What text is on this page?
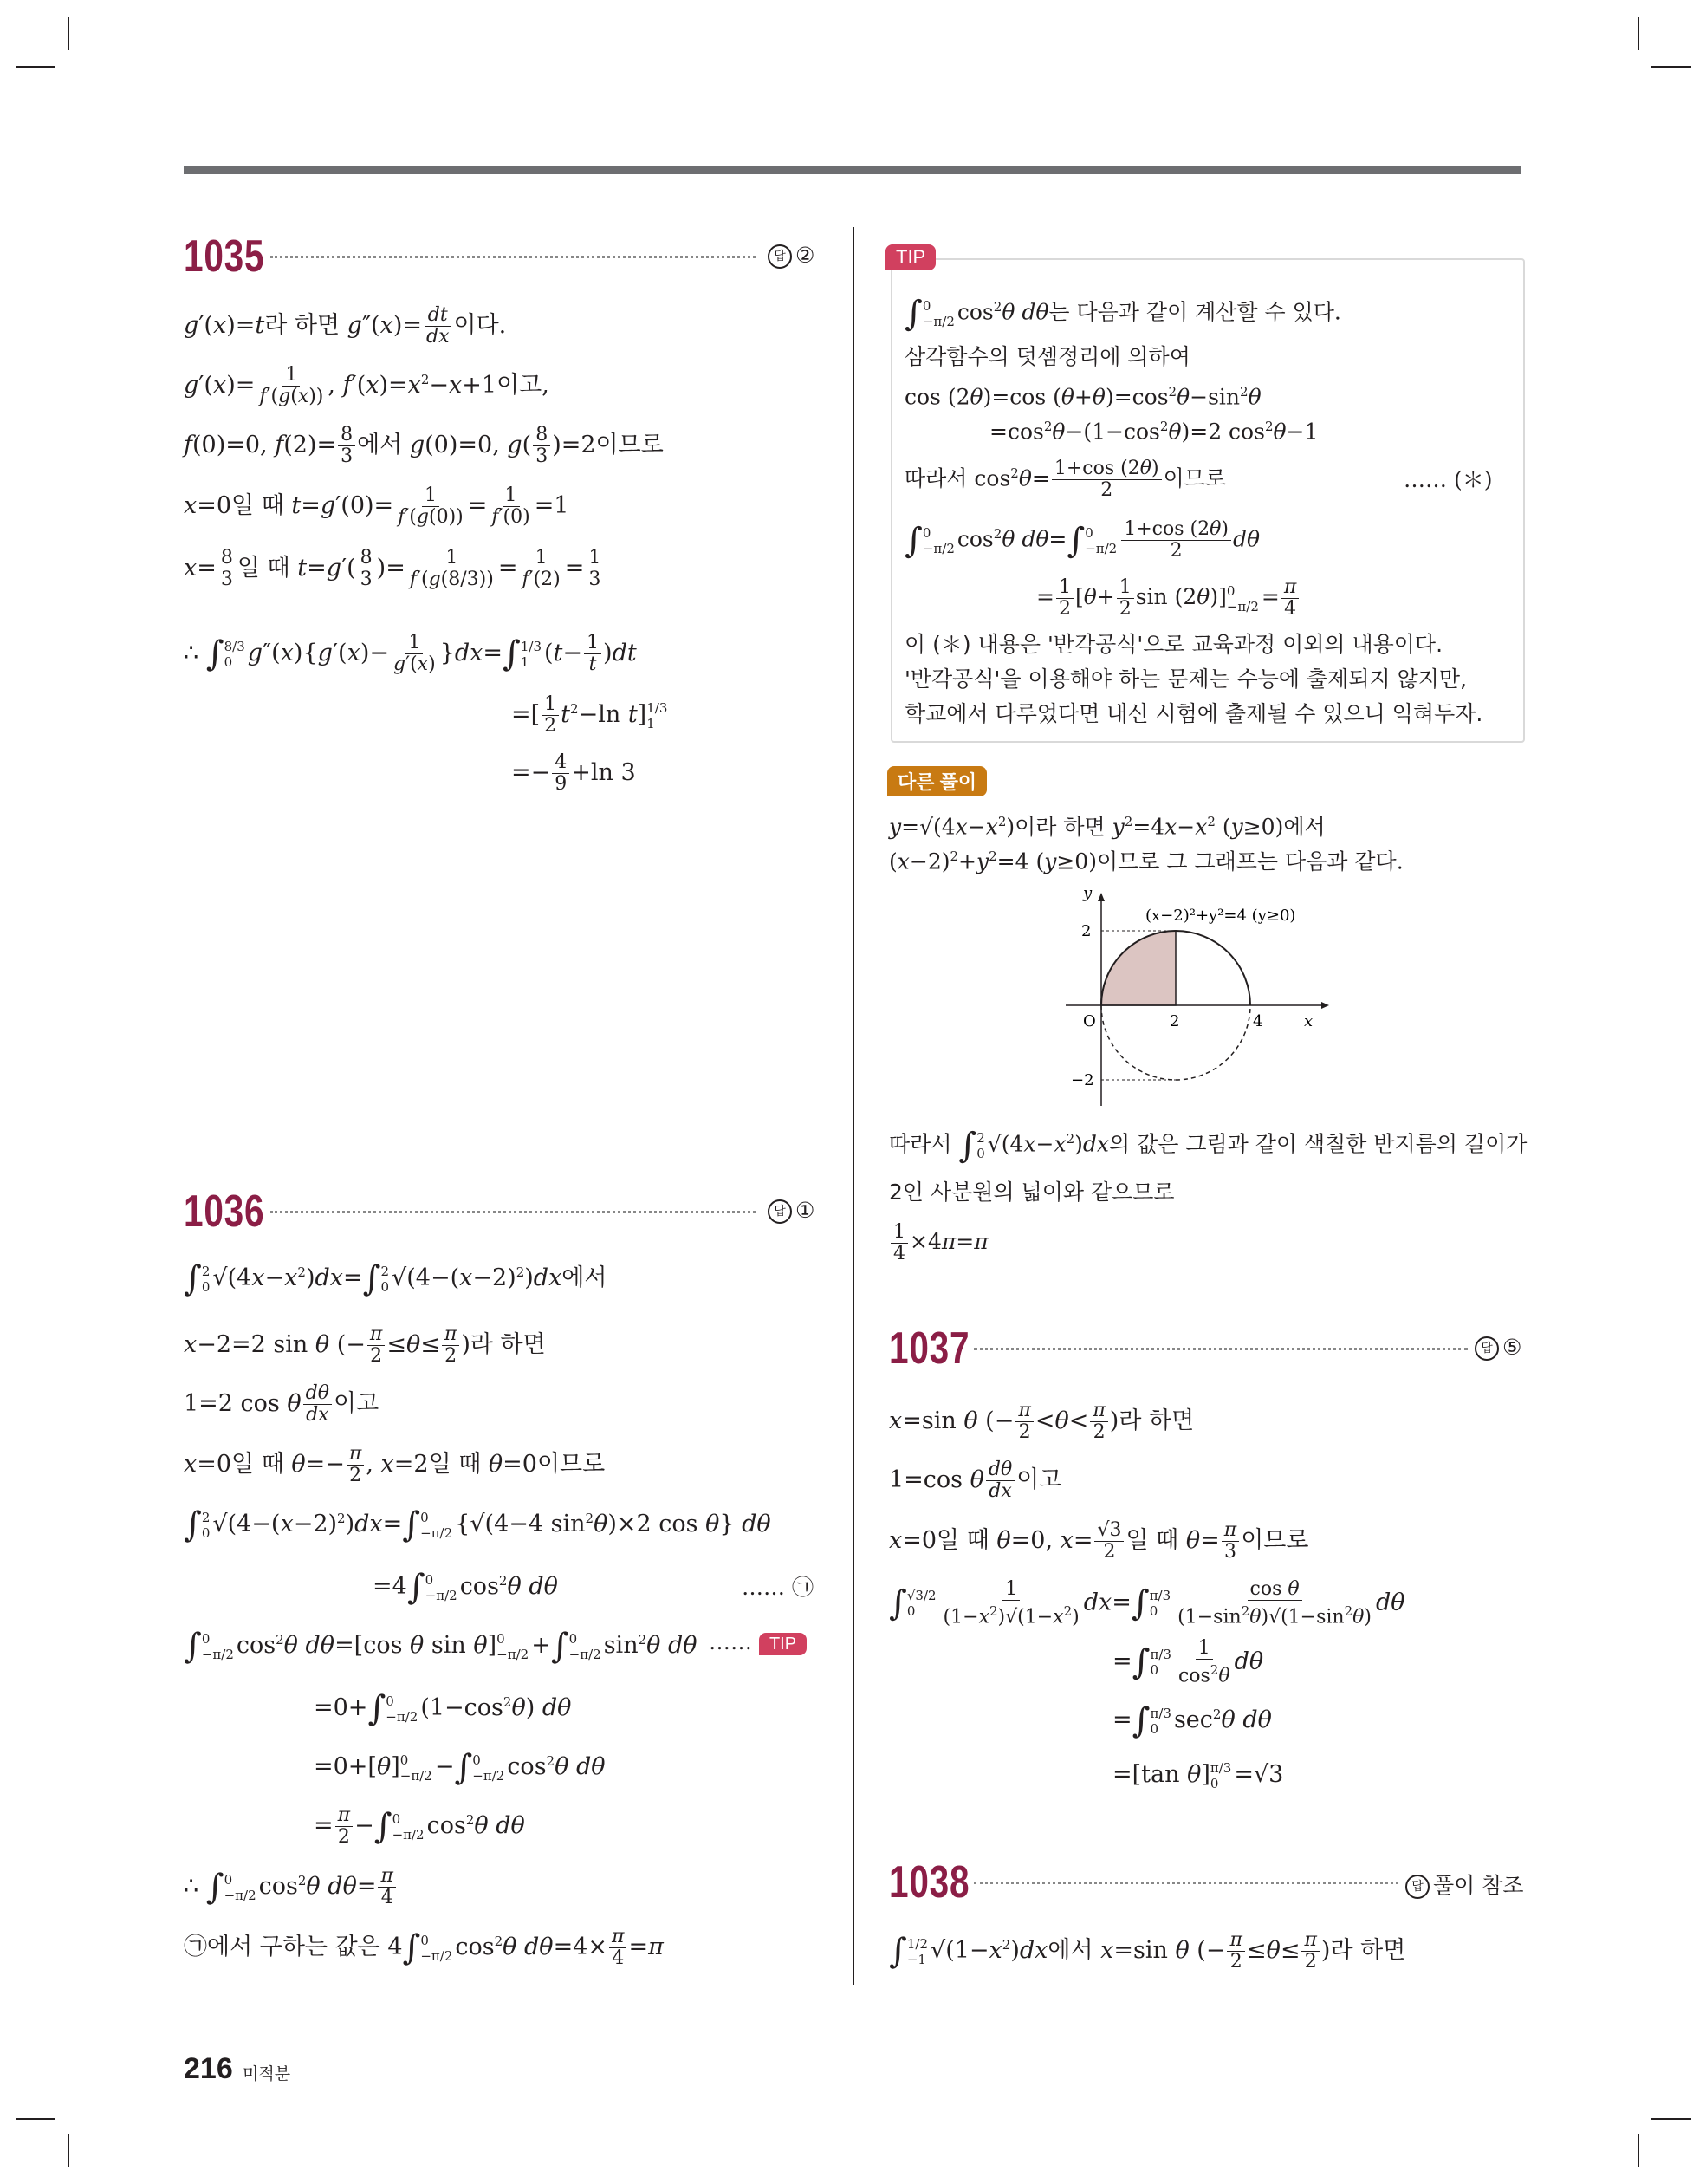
1035	답 ②
g′(x)=t라 하면 $g''(x)= \frac{dt}{dx}$ 이다.
$g'(x)= \frac{1}{f'(g(x))}$ , $f'(x)=x^2-x+1$이고,
f(0)=0, $f(2)= \frac{8}{3}$ 에서 g(0)=0, $g( \frac{8}{3} )=2$이므로
x=0일 때 $t=g'(0)= \frac{1}{f'(g(0))} = \frac{1}{f'(0)} =1$
$x= \frac{8}{3}$ 일 때 $t=g'( \frac{8}{3}$ )= $\frac{1}{f'(g(8/3))} = \frac{1}{f'(2)} = \frac{1}{3}$
∴ ∫ 8/3
0 $g''(x)\{g'(x)- \frac{1}{g'(x)} \}dx=\int$ 1/3
1 $(t- \frac{1}{t} )dt$
=[ $\frac{1}{2} t^2-\ln$ t] 1/3
1
=− $\frac{4}{9} +\ln$ 3
1036	답 ①
∫ 2
0 $√(4x-x^2)dx=\int$ 2
0 $√(4-(x-2)^2)dx$에서
x−2=2 sin θ (− $\frac{\pi}{2} \le\theta\le \frac{\pi}{2}$ )라 하면
1=2 cos θ $\frac{d\theta}{dx}$ 이고
x=0일 때 $\theta=- \frac{\pi}{2}$ , x=2일 때 θ=0이므로
∫ 2
0 $√(4-(x-2)^2)dx=\int$ 0
−π/2 {√(4−4 $\sin^2\theta)\times 2$ cos θ} dθ
=4∫ 0
−π/2 $\cos^2\theta$ dθ	…… ㉠
∫ 0
−π/2 $\cos^2\theta$ dθ=[cos θ sin θ] 0
−π/2 +∫ 0
−π/2 $\sin^2\theta$ dθ …… TIP
=0+∫ 0
−π/2 $(1-\cos^2\theta)$ dθ
=0+[θ] 0
−π/2 −∫ 0
−π/2 $\cos^2\theta$ dθ
= $\frac{\pi}{2}$ −∫ 0
−π/2 $\cos^2\theta$ dθ
∴ ∫ 0
−π/2 $\cos^2\theta$ $d\theta= \frac{\pi}{4}$
㉠에서 구하는 값은 4∫ 0
−π/2 $\cos^2\theta$ $d\theta=4\times \frac{\pi}{4} =\pi$
TIP
∫ 0
−π/2 $\cos^2\theta$ dθ는 다음과 같이 계산할 수 있다.
삼각함수의 덧셈정리에 의하여
cos (2θ)=cos $(\theta+\theta)=\cos^2\theta-\sin^2\theta$
$=\cos^2\theta-(1-\cos^2\theta)=2$ $\cos^2\theta-1$
따라서 $\cos^2\theta= \frac{1+\cos (2\theta)}{2}$ 이므로	…… (＊)
∫ 0
−π/2 $\cos^2\theta$ dθ=∫ 0
$-\pi/2 \frac{1+\cos (2\theta)}{2}$ dθ
= $\frac{1}{2} [\theta+ \frac{1}{2}$ sin (2θ)] 0
$-\pi/2 = \frac{\pi}{4}$
이 (＊) 내용은 '반각공식'으로 교육과정 이외의 내용이다.
'반각공식'을 이용해야 하는 문제는 수능에 출제되지 않지만,
학교에서 다루었다면 내신 시험에 출제될 수 있으니 익혀두자.
다른 풀이
$y=√(4x-x^2)$이라 하면 $y^2=4x-x^2$ (y≥0)에서
$(x-2)^2+y^2=4$ (y≥0)이므로 그 그래프는 다음과 같다.
y
x
O
2
−2
2	4
(x−2)²+y²=4 (y≥0)
따라서 ∫ 2
0 $√(4x-x^2)dx$의 값은 그림과 같이 색칠한 반지름의 길이가
2인 사분원의 넓이와 같으므로
$\frac{1}{4} \times 4\pi=\pi$
1037	답 ⑤
x=sin θ (− $\frac{\pi}{2} <\theta< \frac{\pi}{2}$ )라 하면
1=cos θ $\frac{d\theta}{dx}$ 이고
x=0일 때 θ=0, $x= \frac{√3}{2}$ 일 때 $\theta= \frac{\pi}{3}$ 이므로
∫ √3/2
0	$\frac{1}{(1-x^2)√(1-x^2)} dx=\int$ π/3
$0 \frac{\text{cos θ}}{(1-\sin^2\theta)√(1-\sin^2\theta)}$ dθ
=∫ π/3
$0 \frac{1}{\cos^2\theta}$ dθ
=∫ π/3
0 $\sec^2\theta$ dθ
=[tan θ] π/3
0 =√3
1038	답 풀이 참조
∫ 1/2
−1 $√(1-x^2)dx$에서 x=sin θ (− $\frac{\pi}{2} \le\theta\le \frac{\pi}{2}$ )라 하면
216 미적분
